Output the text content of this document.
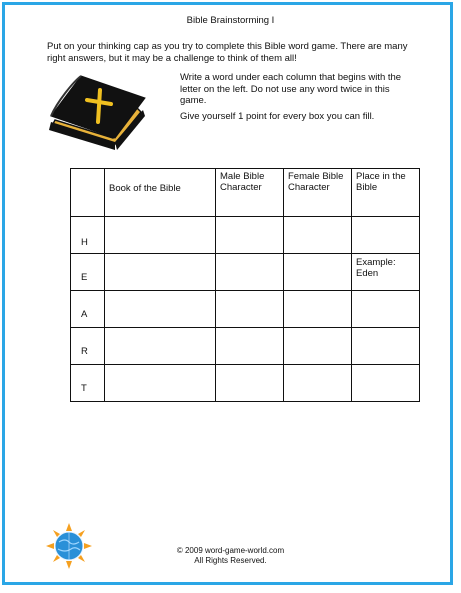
Bible Brainstorming I
Put on your thinking cap as you try to complete this Bible word game. There are many right answers, but it may be a challenge to think of them all!
Write a word under each column that begins with the letter on the left. Do not use any word twice in this game.
Give yourself 1 point for every box you can fill.

	Book of the Bible	Male Bible Character	Female Bible Character	Place in the Bible

H				

E				Example: Eden

A				

R				

T				

© 2009 word-game-world.com
All Rights Reserved.
